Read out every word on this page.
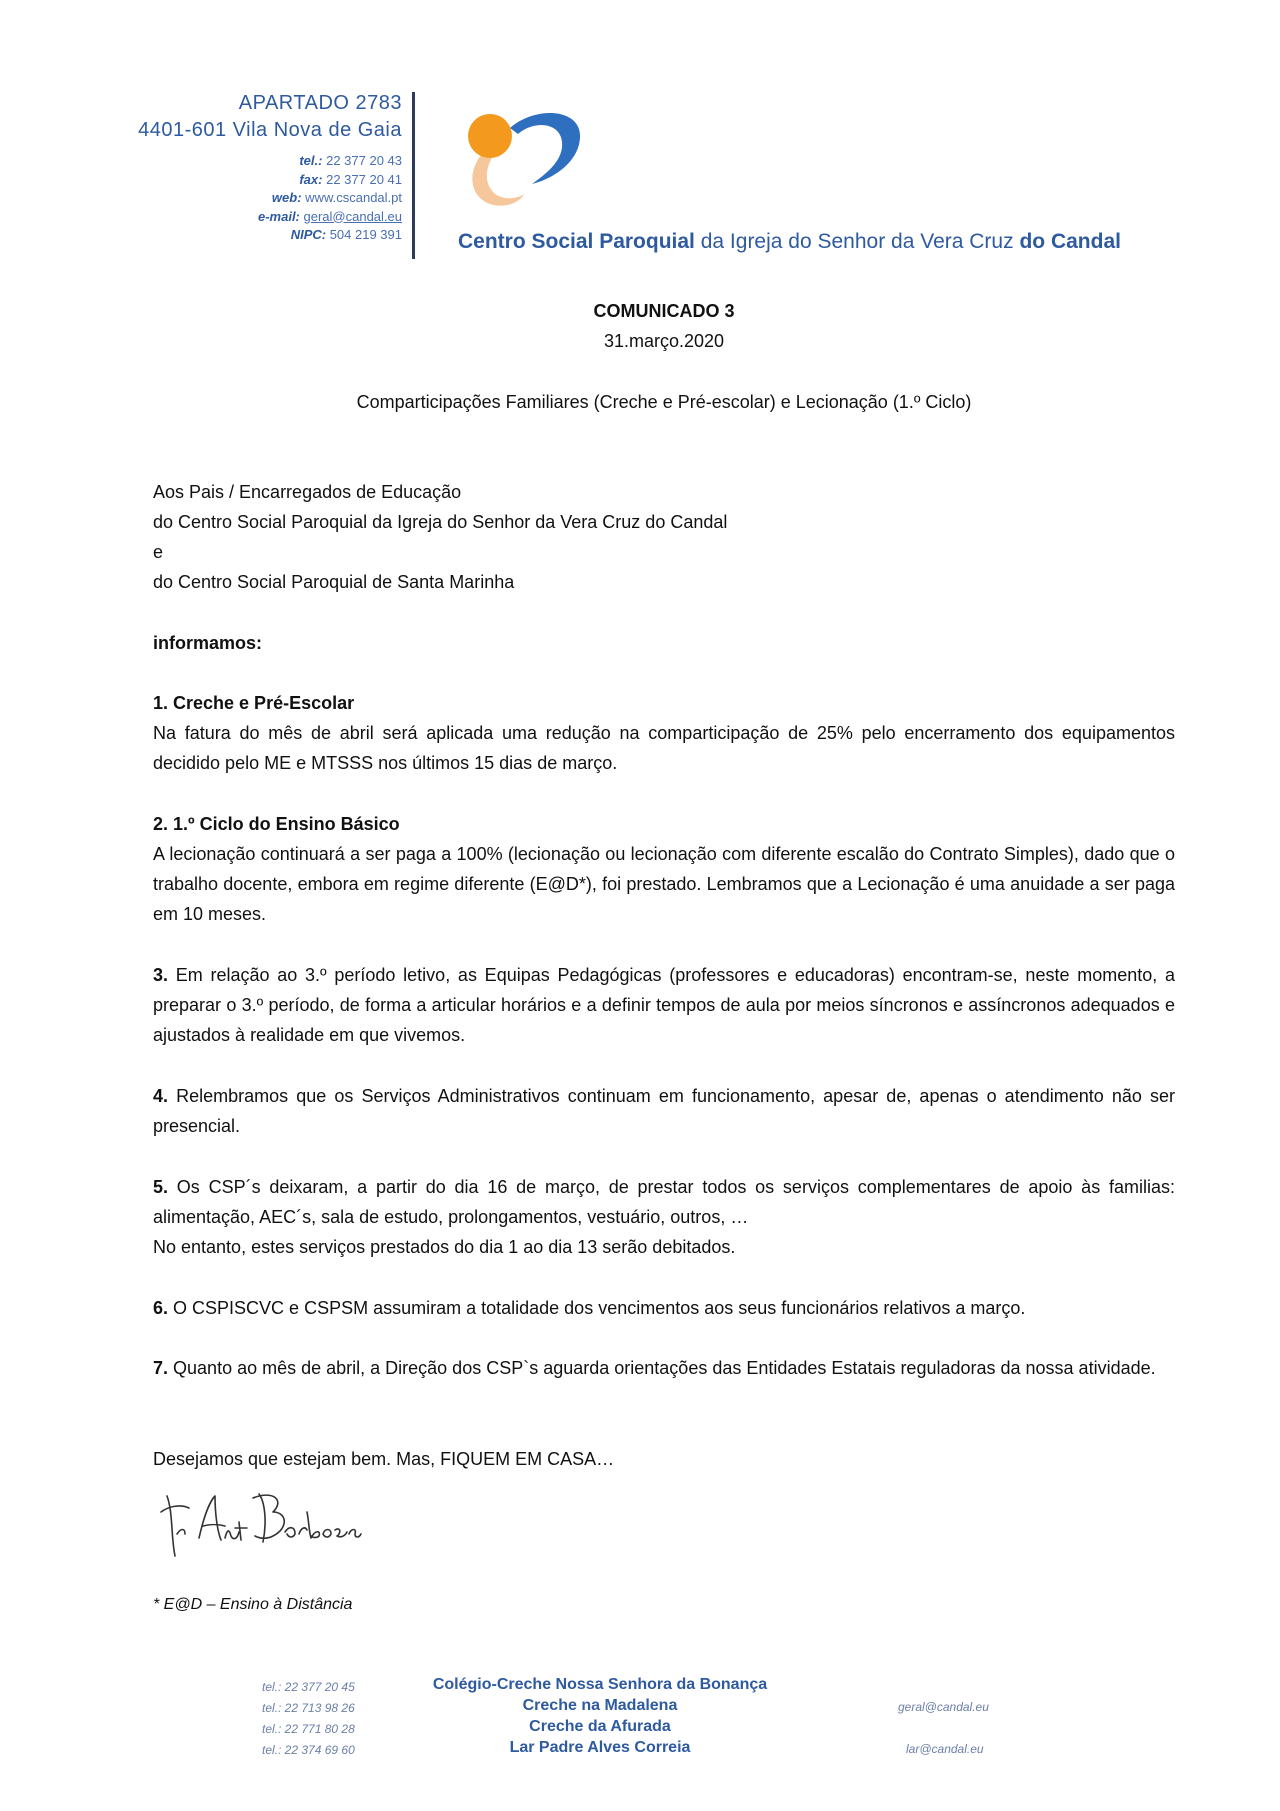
APARTADO 2783
4401-601 Vila Nova de Gaia
tel.: 22 377 20 43
fax: 22 377 20 41
web: www.cscandal.pt
e-mail: geral@candal.eu
NIPC: 504 219 391	Centro Social Paroquial da Igreja do Senhor da Vera Cruz do Candal
COMUNICADO 3
31.março.2020
Comparticipações Familiares (Creche e Pré-escolar) e Lecionação (1.º Ciclo)
Aos Pais / Encarregados de Educação
do Centro Social Paroquial da Igreja do Senhor da Vera Cruz do Candal
e
do Centro Social Paroquial de Santa Marinha
informamos:
1. Creche e Pré-Escolar
Na fatura do mês de abril será aplicada uma redução na comparticipação de 25% pelo encerramento dos equipamentos decidido pelo ME e MTSSS nos últimos 15 dias de março.
2. 1.º Ciclo do Ensino Básico
A lecionação continuará a ser paga a 100% (lecionação ou lecionação com diferente escalão do Contrato Simples), dado que o trabalho docente, embora em regime diferente (E@D*), foi prestado. Lembramos que a Lecionação é uma anuidade a ser paga em 10 meses.
3. Em relação ao 3.º período letivo, as Equipas Pedagógicas (professores e educadoras) encontram-se, neste momento, a preparar o 3.º período, de forma a articular horários e a definir tempos de aula por meios síncronos e assíncronos adequados e ajustados à realidade em que vivemos.
4. Relembramos que os Serviços Administrativos continuam em funcionamento, apesar de, apenas o atendimento não ser presencial.
5. Os CSP´s deixaram, a partir do dia 16 de março, de prestar todos os serviços complementares de apoio às familias: alimentação, AEC´s, sala de estudo, prolongamentos, vestuário, outros, …
No entanto, estes serviços prestados do dia 1 ao dia 13 serão debitados.
6. O CSPISCVC e CSPSM assumiram a totalidade dos vencimentos aos seus funcionários relativos a março.
7. Quanto ao mês de abril, a Direção dos CSP`s aguarda orientações das Entidades Estatais reguladoras da nossa atividade.
Desejamos que estejam bem. Mas, FIQUEM EM CASA…
* E@D – Ensino à Distância
tel.: 22 377 20 45
tel.: 22 713 98 26
tel.: 22 771 80 28
tel.: 22 374 69 60
Colégio-Creche Nossa Senhora da Bonança
Creche na Madalena
Creche da Afurada
Lar Padre Alves Correia
geral@candal.eu
lar@candal.eu
